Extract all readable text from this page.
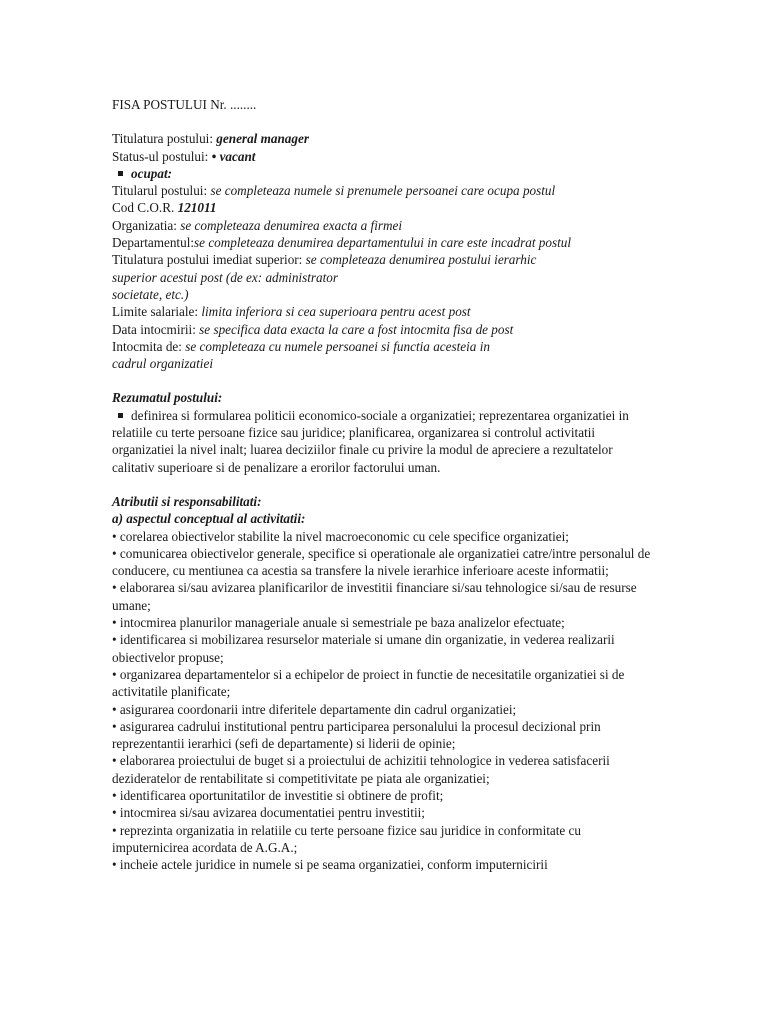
FISA POSTULUI Nr. ........
Titulatura postului: general manager
Status-ul postului: • vacant
ocupat:
Titularul postului: se completeaza numele si prenumele persoanei care ocupa postul
Cod C.O.R. 121011
Organizatia: se completeaza denumirea exacta a firmei
Departamentul:se completeaza denumirea departamentului in care este incadrat postul
Titulatura postului imediat superior: se completeaza denumirea postului ierarhic
superior acestui post (de ex: administrator
societate, etc.)
Limite salariale: limita inferiora si cea superioara pentru acest post
Data intocmirii: se specifica data exacta la care a fost intocmita fisa de post
Intocmita de: se completeaza cu numele persoanei si functia acesteia in
cadrul organizatiei
Rezumatul postului:
definirea si formularea politicii economico-sociale a organizatiei; reprezentarea organizatiei in relatiile cu terte persoane fizice sau juridice; planificarea, organizarea si controlul activitatii organizatiei la nivel inalt; luarea deciziilor finale cu privire la modul de apreciere a rezultatelor calitativ superioare si de penalizare a erorilor factorului uman.
Atributii si responsabilitati:
a) aspectul conceptual al activitatii:
• corelarea obiectivelor stabilite la nivel macroeconomic cu cele specifice organizatiei;
• comunicarea obiectivelor generale, specifice si operationale ale organizatiei catre/intre personalul de conducere, cu mentiunea ca acestia sa transfere la nivele ierarhice inferioare aceste informatii;
• elaborarea si/sau avizarea planificarilor de investitii financiare si/sau tehnologice si/sau de resurse umane;
• intocmirea planurilor manageriale anuale si semestriale pe baza analizelor efectuate;
• identificarea si mobilizarea resurselor materiale si umane din organizatie, in vederea realizarii obiectivelor propuse;
• organizarea departamentelor si a echipelor de proiect in functie de necesitatile organizatiei si de activitatile planificate;
• asigurarea coordonarii intre diferitele departamente din cadrul organizatiei;
• asigurarea cadrului institutional pentru participarea personalului la procesul decizional prin reprezentantii ierarhici (sefi de departamente) si liderii de opinie;
• elaborarea proiectului de buget si a proiectului de achizitii tehnologice in vederea satisfacerii dezideratelor de rentabilitate si competitivitate pe piata ale organizatiei;
• identificarea oportunitatilor de investitie si obtinere de profit;
• intocmirea si/sau avizarea documentatiei pentru investitii;
• reprezinta organizatia in relatiile cu terte persoane fizice sau juridice in conformitate cu imputernicirea acordata de A.G.A.;
• incheie actele juridice in numele si pe seama organizatiei, conform imputernicirii
